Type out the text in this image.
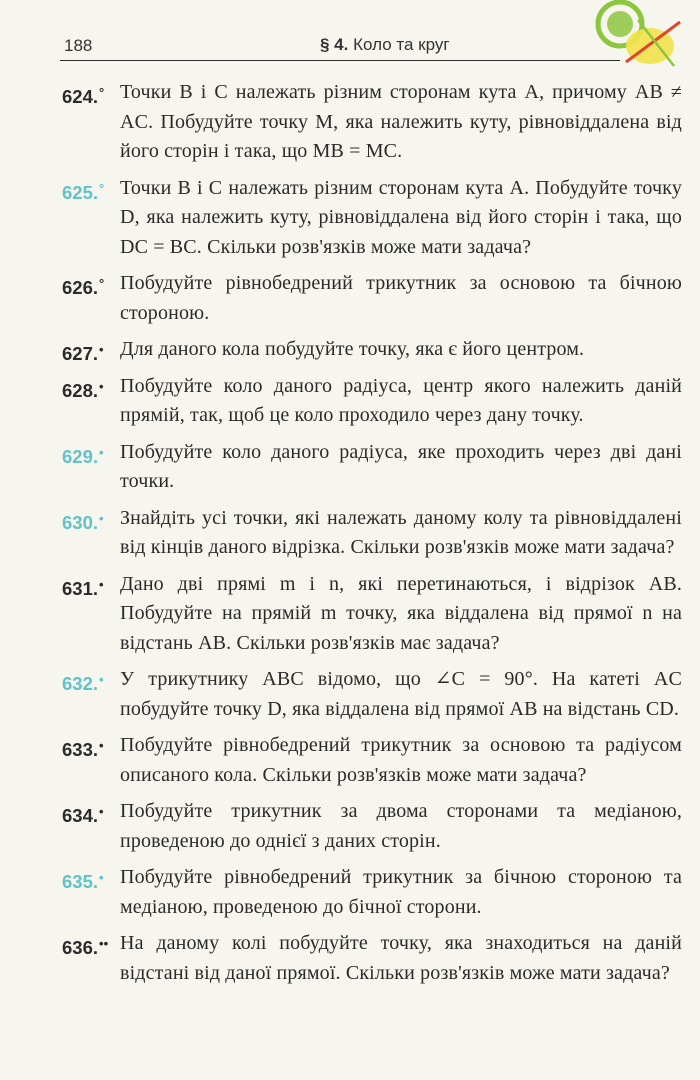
188	§ 4. Коло та круг
624.° Точки B і C належать різним сторонам кута A, причому AB ≠ AC. Побудуйте точку M, яка належить куту, рівновіддалена від його сторін і така, що MB = MC.
625.° Точки B і C належать різним сторонам кута A. Побудуйте точку D, яка належить куту, рівновіддалена від його сторін і така, що DC = BC. Скільки розв'язків може мати задача?
626.° Побудуйте рівнобедрений трикутник за основою та бічною стороною.
627.• Для даного кола побудуйте точку, яка є його центром.
628.• Побудуйте коло даного радіуса, центр якого належить даній прямій, так, щоб це коло проходило через дану точку.
629.• Побудуйте коло даного радіуса, яке проходить через дві дані точки.
630.• Знайдіть усі точки, які належать даному колу та рівновіддалені від кінців даного відрізка. Скільки розв'язків може мати задача?
631.• Дано дві прямі m і n, які перетинаються, і відрізок AB. Побудуйте на прямій m точку, яка віддалена від прямої n на відстань AB. Скільки розв'язків має задача?
632.• У трикутнику ABC відомо, що ∠C = 90°. На катеті AC побудуйте точку D, яка віддалена від прямої AB на відстань CD.
633.• Побудуйте рівнобедрений трикутник за основою та радіусом описаного кола. Скільки розв'язків може мати задача?
634.• Побудуйте трикутник за двома сторонами та медіаною, проведеною до однієї з даних сторін.
635.• Побудуйте рівнобедрений трикутник за бічною стороною та медіаною, проведеною до бічної сторони.
636.•• На даному колі побудуйте точку, яка знаходиться на даній відстані від даної прямої. Скільки розв'язків може мати задача?
